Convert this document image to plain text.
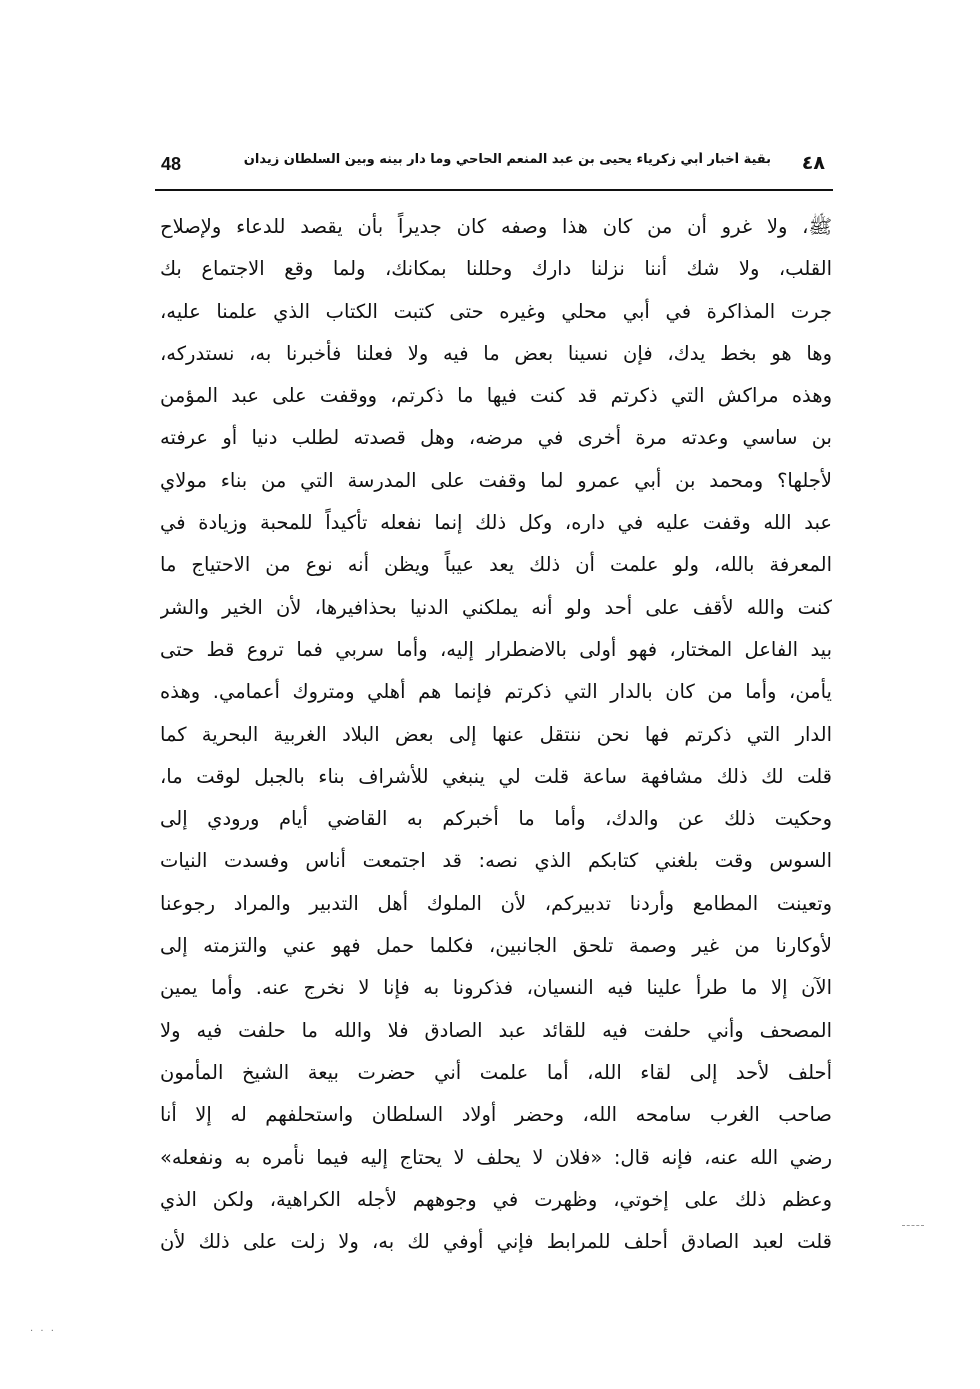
٤٨
بقية أخبار أبي زكرياء يحيى بن عبد المنعم الحاحي وما دار بينه وبين السلطان زيدان
48
ﷺ، ولا غرو أن من كان هذا وصفه كان جديراً بأن يقصد للدعاء ولإصلاح
القلب، ولا شك أننا نزلنا دارك وحللنا بمكانك، ولما وقع الاجتماع بك
جرت المذاكرة في أبي محلي وغيره حتى كتبت الكتاب الذي علمنا عليه،
وها هو بخط يدك، فإن نسينا بعض ما فيه ولا فعلنا فأخبرنا به، نستدركه،
وهذه مراكش التي ذكرتم قد كنت فيها ما ذكرتم، ووقفت على عبد المؤمن
بن ساسي وعدته مرة أخرى في مرضه، وهل قصدته لطلب دنيا أو عرفته
لأجلها؟ ومحمد بن أبي عمرو لما وقفت على المدرسة التي من بناء مولاي
عبد الله وقفت عليه في داره، وكل ذلك إنما نفعله تأكيداً للمحبة وزيادة في
المعرفة بالله، ولو علمت أن ذلك يعد عيباً ويظن أنه نوع من الاحتياج ما
كنت والله لأقف على أحد ولو أنه يملكني الدنيا بحذافيرها، لأن الخير والشر
بيد الفاعل المختار، فهو أولى بالاضطرار إليه، وأما سربي فما تروع قط حتى
يأمن، وأما من كان بالدار التي ذكرتم فإنما هم أهلي ومتروك أعمامي. وهذه
الدار التي ذكرتم فها نحن ننتقل عنها إلى بعض البلاد الغربية البحرية كما
قلت لك ذلك مشافهة ساعة قلت لي ينبغي للأشراف بناء بالجبل لوقت ما،
وحكيت ذلك عن والدك، وأما ما أخبركم به القاضي أيام ورودي إلى
السوس وقت بلغني كتابكم الذي نصه: قد اجتمعت أناس وفسدت النيات
وتعينت المطامع وأردنا تدبيركم، لأن الملوك أهل التدبير والمراد رجوعنا
لأوكارنا من غير وصمة تلحق الجانبين، فكلما حمل فهو عني والتزمته إلى
الآن إلا ما طرأ علينا فيه النسيان، فذكرونا به فإنا لا نخرج عنه. وأما يمين
المصحف وأني حلفت فيه للقائد عبد الصادق فلا والله ما حلفت فيه ولا
أحلف لأحد إلى لقاء الله، أما علمت أني حضرت بيعة الشيخ المأمون
صاحب الغرب سامحه الله، وحضر أولاد السلطان واستحلفهم له إلا أنا
رضي الله عنه، فإنه قال: «فلان لا يحلف لا يحتاج إليه فيما نأمره به ونفعله»
وعظم ذلك على إخوتي، وظهرت في وجوههم لأجله الكراهية، ولكن الذي
قلت لعبد الصادق أحلف للمرابط فإني أوفي لك به، ولا زلت على ذلك لأن
· · ·
